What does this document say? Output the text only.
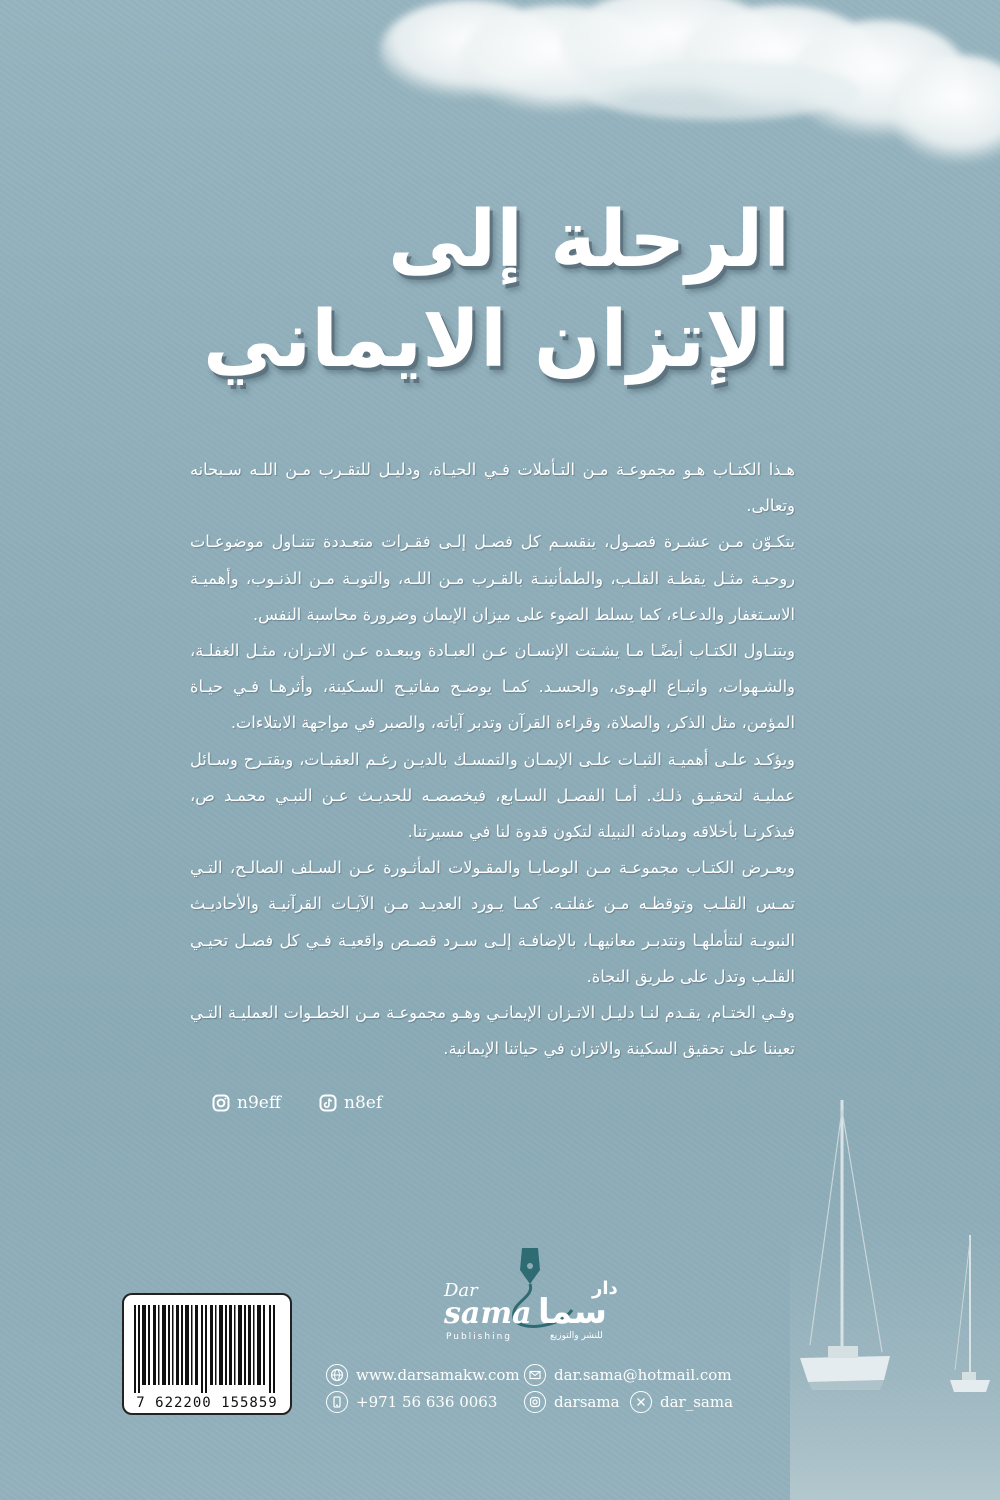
الرحلة إلى
الإتزان الايماني

هـذا الكتـاب هـو مجموعـة مـن التـأملات فـي الحيـاة، ودليـل للتقـرب مـن اللـه سـبحانه وتعالى.

يتكـوّن مـن عشـرة فصـول، ينقسـم كل فصـل إلـى فقـرات متعـددة تتنـاول موضوعـات روحيـة مثـل يقظـة القلـب، والطمأنينـة بالقـرب مـن اللـه، والتوبـة مـن الذنـوب، وأهميـة الاسـتغفار والدعـاء، كما يسلط الضوء على ميزان الإيمان وضرورة محاسبة النفس.

ويتنـاول الكتـاب أيضًـا مـا يشـتت الإنسـان عـن العبـادة ويبعـده عـن الاتـزان، مثـل الغفلـة، والشـهوات، واتبـاع الهـوى، والحسـد. كمـا يوضـح مفاتيـح السـكينة، وأثرهـا فـي حيـاة المؤمن، مثل الذكر، والصلاة، وقراءة القرآن وتدبر آياته، والصبر في مواجهة الابتلاءات.

ويؤكـد علـى أهميـة الثبـات علـى الإيمـان والتمسـك بالديـن رغـم العقبـات، ويقتـرح وسـائل عمليـة لتحقيـق ذلـك. أمـا الفصـل السـابع، فيخصصـه للحديـث عـن النبـي محمـد ص، فيذكرنـا بأخلاقه ومبادئه النبيلة لتكون قدوة لنا في مسيرتنا.

ويعـرض الكتـاب مجموعـة مـن الوصايـا والمقـولات المأثـورة عـن السـلف الصالـح، التـي تمـس القلـب وتوقظـه مـن غفلتـه. كمـا يـورد العديـد مـن الآيـات القرآنيـة والأحاديـث النبويـة لنتأملهـا ونتدبـر معانيهـا، بالإضافـة إلـى سـرد قصـص واقعيـة فـي كل فصـل تحيـي القلـب وتدل على طريق النجاة.

وفـي الختـام، يقـدم لنـا دليـل الاتـزان الإيمانـي وهـو مجموعـة مـن الخطـوات العمليـة التـي تعيننا على تحقيق السكينة والاتزان في حياتنا الإيمانية.

n9eff	n8ef
7 622200 155859
Dar	دار
sama سما
Publishing	للنشر والتوزيع
www.darsamakw.com dar.sama@hotmail.com
+971 56 636 0063	darsama	dar_sama
